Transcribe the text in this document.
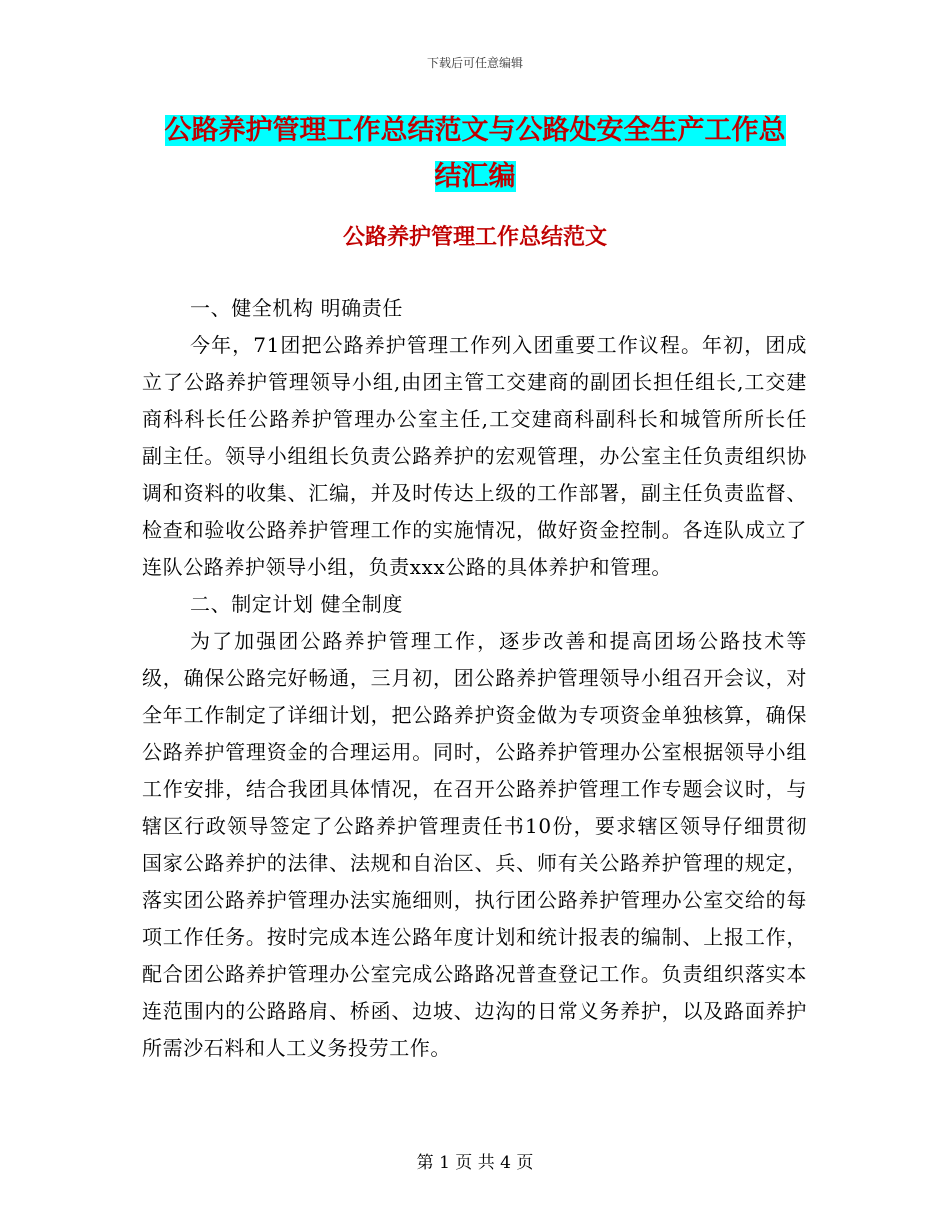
下载后可任意编辑
公路养护管理工作总结范文与公路处安全生产工作总 结汇编
公路养护管理工作总结范文

一、健全机构 明确责任

今年，71团把公路养护管理工作列入团重要工作议程。年初，团成立了公路养护管理领导小组,由团主管工交建商的副团长担任组长,工交建商科科长任公路养护管理办公室主任,工交建商科副科长和城管所所长任副主任。领导小组组长负责公路养护的宏观管理，办公室主任负责组织协调和资料的收集、汇编，并及时传达上级的工作部署，副主任负责监督、检查和验收公路养护管理工作的实施情况，做好资金控制。各连队成立了连队公路养护领导小组，负责xxx公路的具体养护和管理。

二、制定计划 健全制度

为了加强团公路养护管理工作，逐步改善和提高团场公路技术等级，确保公路完好畅通，三月初，团公路养护管理领导小组召开会议，对全年工作制定了详细计划，把公路养护资金做为专项资金单独核算，确保公路养护管理资金的合理运用。同时，公路养护管理办公室根据领导小组工作安排，结合我团具体情况，在召开公路养护管理工作专题会议时，与辖区行政领导签定了公路养护管理责任书10份，要求辖区领导仔细贯彻国家公路养护的法律、法规和自治区、兵、师有关公路养护管理的规定，落实团公路养护管理办法实施细则，执行团公路养护管理办公室交给的每项工作任务。按时完成本连公路年度计划和统计报表的编制、上报工作，配合团公路养护管理办公室完成公路路况普查登记工作。负责组织落实本连范围内的公路路肩、桥函、边坡、边沟的日常义务养护，以及路面养护所需沙石料和人工义务投劳工作。

第 1 页 共 4 页
